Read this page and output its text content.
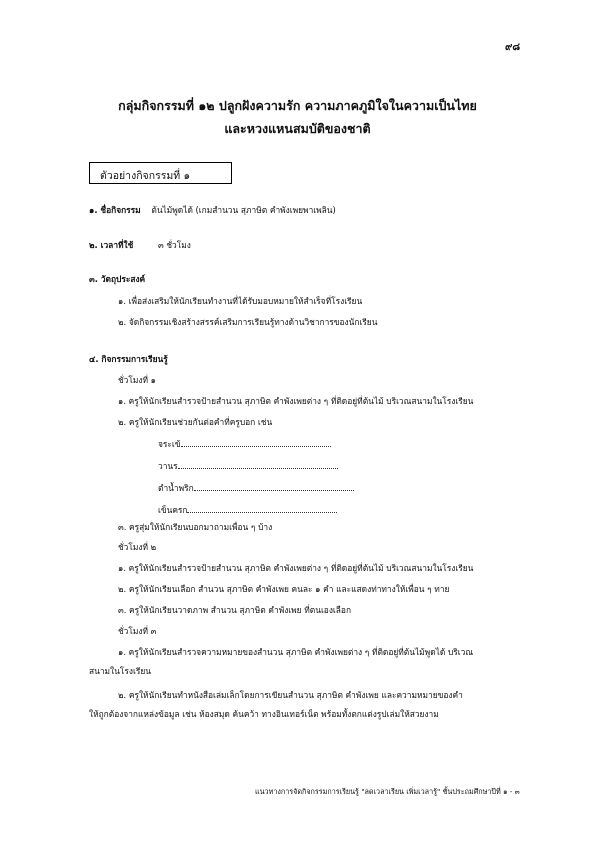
๙๘
กลุ่มกิจกรรมที่ ๑๒ ปลูกฝังความรัก ความภาคภูมิใจในความเป็นไทย
และหวงแหนสมบัติของชาติ
ตัวอย่างกิจกรรมที่ ๑
๑. ชื่อกิจกรรม ต้นไม้พูดได้ (เกมสำนวน สุภาษิต คำพังเพยพาเพลิน)
๒. เวลาที่ใช้	๓ ชั่วโมง
๓. วัตถุประสงค์
๑. เพื่อส่งเสริมให้นักเรียนทำงานที่ได้รับมอบหมายให้สำเร็จที่โรงเรียน
๒. จัดกิจกรรมเชิงสร้างสรรค์เสริมการเรียนรู้ทางด้านวิชาการของนักเรียน
๔. กิจกรรมการเรียนรู้
ชั่วโมงที่ ๑
๑. ครูให้นักเรียนสำรวจป้ายสำนวน สุภาษิต คำพังเพยต่าง ๆ ที่ติดอยู่ที่ต้นไม้ บริเวณสนามในโรงเรียน
๒. ครูให้นักเรียนช่วยกันต่อคำที่ครูบอก เช่น
จระเข้
วานร
ตำน้ำพริก
เข็นครก
๓. ครูสุ่มให้นักเรียนบอกมาถามเพื่อน ๆ บ้าง
ชั่วโมงที่ ๒
๑. ครูให้นักเรียนสำรวจป้ายสำนวน สุภาษิต คำพังเพยต่าง ๆ ที่ติดอยู่ที่ต้นไม้ บริเวณสนามในโรงเรียน
๒. ครูให้นักเรียนเลือก สำนวน สุภาษิต คำพังเพย คนละ ๑ คำ และแสดงท่าทางให้เพื่อน ๆ ทาย
๓. ครูให้นักเรียนวาดภาพ สำนวน สุภาษิต คำพังเพย ที่ตนเองเลือก
ชั่วโมงที่ ๓
๑. ครูให้นักเรียนสำรวจความหมายของสำนวน สุภาษิต คำพังเพยต่าง ๆ ที่ติดอยู่ที่ต้นไม้พูดได้ บริเวณ
สนามในโรงเรียน
๒. ครูให้นักเรียนทำหนังสือเล่มเล็กโดยการเขียนสำนวน สุภาษิต คำพังเพย และความหมายของคำ
ให้ถูกต้องจากแหล่งข้อมูล เช่น ห้องสมุด ค้นคว้า ทางอินเทอร์เน็ต พร้อมทั้งตกแต่งรูปเล่มให้สวยงาม
แนวทางการจัดกิจกรรมการเรียนรู้ "ลดเวลาเรียน เพิ่มเวลารู้" ชั้นประถมศึกษาปีที่ ๑ - ๓
